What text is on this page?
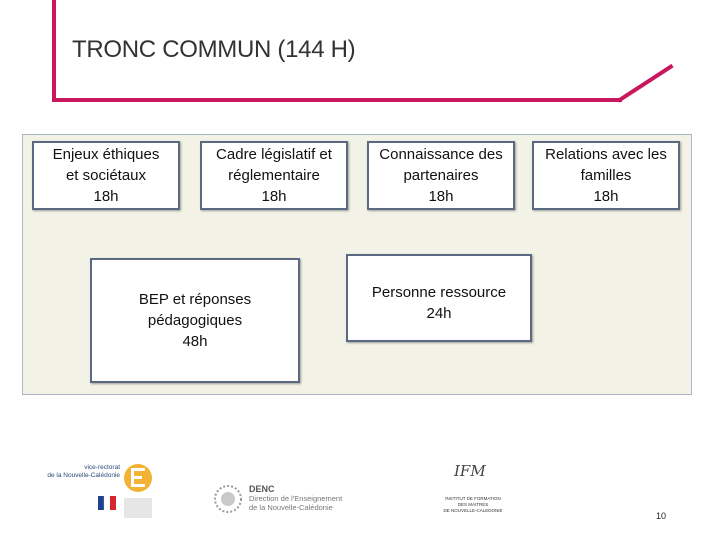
TRONC COMMUN (144 H)
Enjeux éthiques
et sociétaux
18h
Cadre législatif et
réglementaire
18h
Connaissance des
partenaires
18h
Relations avec les
familles
18h
BEP et réponses
pédagogiques
48h
Personne ressource
24h
vice-rectorat
de la Nouvelle-Calédonie
DENC
Direction de l'Enseignement
de la Nouvelle-Calédonie
IFM
INSTITUT DE FORMATION
DES MAITRES
DE NOUVELLE-CALEDONIE
10
